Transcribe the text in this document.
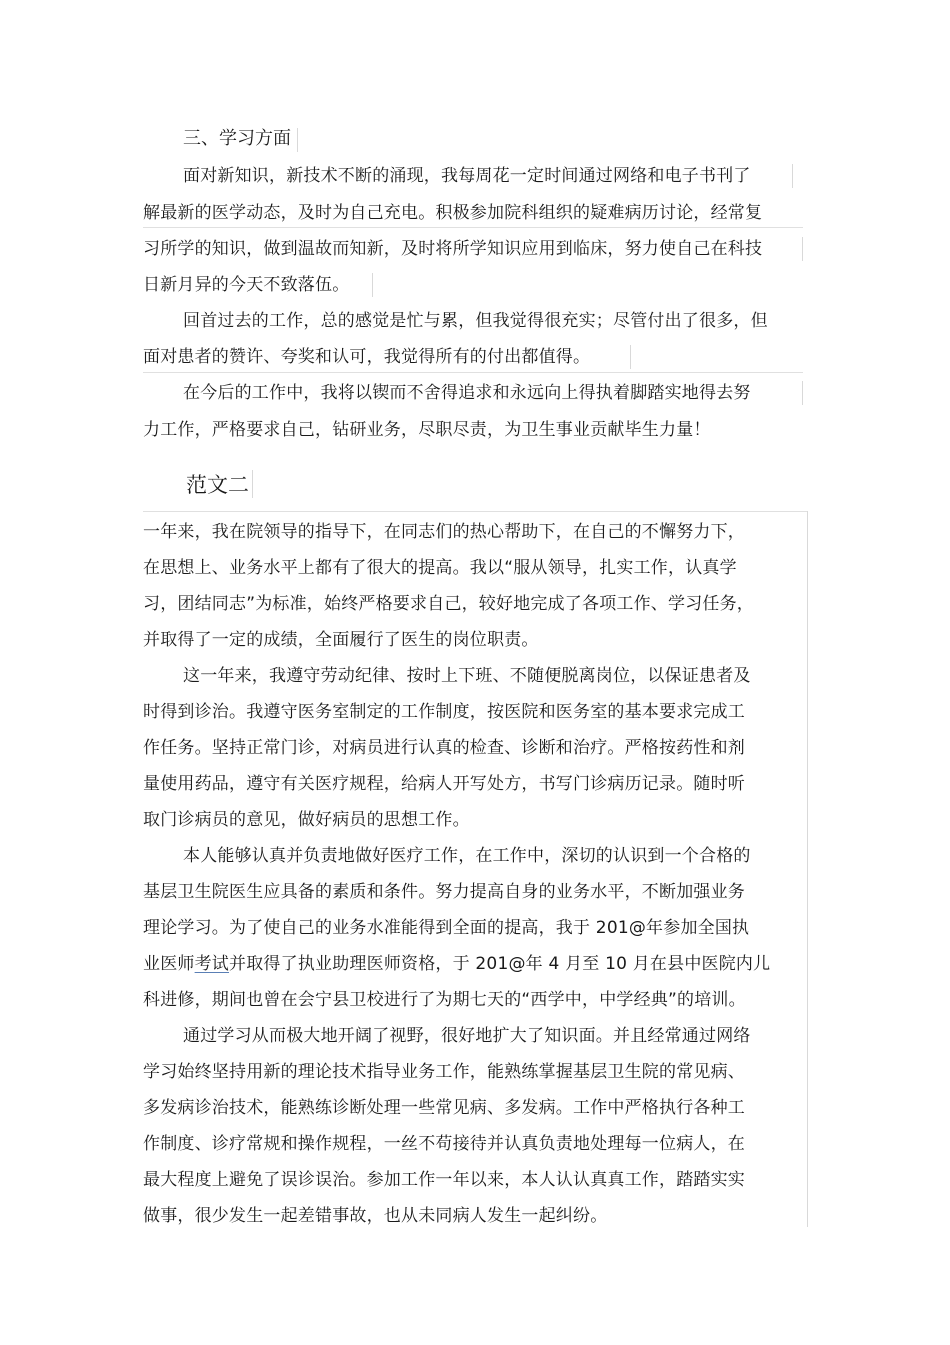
三、学习方面
面对新知识，新技术不断的涌现，我每周花一定时间通过网络和电子书刊了
解最新的医学动态，及时为自己充电。积极参加院科组织的疑难病历讨论，经常复
习所学的知识，做到温故而知新，及时将所学知识应用到临床，努力使自己在科技
日新月异的今天不致落伍。
回首过去的工作，总的感觉是忙与累，但我觉得很充实；尽管付出了很多，但
面对患者的赞许、夸奖和认可，我觉得所有的付出都值得。
在今后的工作中，我将以锲而不舍得追求和永远向上得执着脚踏实地得去努
力工作，严格要求自己，钻研业务，尽职尽责，为卫生事业贡献毕生力量！
范文二
一年来，我在院领导的指导下，在同志们的热心帮助下，在自己的不懈努力下，
在思想上、业务水平上都有了很大的提高。我以“服从领导，扎实工作，认真学
习，团结同志”为标准，始终严格要求自己，较好地完成了各项工作、学习任务，
并取得了一定的成绩，全面履行了医生的岗位职责。
这一年来，我遵守劳动纪律、按时上下班、不随便脱离岗位，以保证患者及
时得到诊治。我遵守医务室制定的工作制度，按医院和医务室的基本要求完成工
作任务。坚持正常门诊，对病员进行认真的检查、诊断和治疗。严格按药性和剂
量使用药品，遵守有关医疗规程，给病人开写处方，书写门诊病历记录。随时听
取门诊病员的意见，做好病员的思想工作。
本人能够认真并负责地做好医疗工作，在工作中，深切的认识到一个合格的
基层卫生院医生应具备的素质和条件。努力提高自身的业务水平，不断加强业务
理论学习。为了使自己的业务水准能得到全面的提高，我于 201@年参加全国执
业医师考试并取得了执业助理医师资格，于 201@年 4 月至 10 月在县中医院内儿
科进修，期间也曾在会宁县卫校进行了为期七天的“西学中，中学经典”的培训。
通过学习从而极大地开阔了视野，很好地扩大了知识面。并且经常通过网络
学习始终坚持用新的理论技术指导业务工作，能熟练掌握基层卫生院的常见病、
多发病诊治技术，能熟练诊断处理一些常见病、多发病。工作中严格执行各种工
作制度、诊疗常规和操作规程，一丝不苟接待并认真负责地处理每一位病人，在
最大程度上避免了误诊误治。参加工作一年以来，本人认认真真工作，踏踏实实
做事，很少发生一起差错事故，也从未同病人发生一起纠纷。
